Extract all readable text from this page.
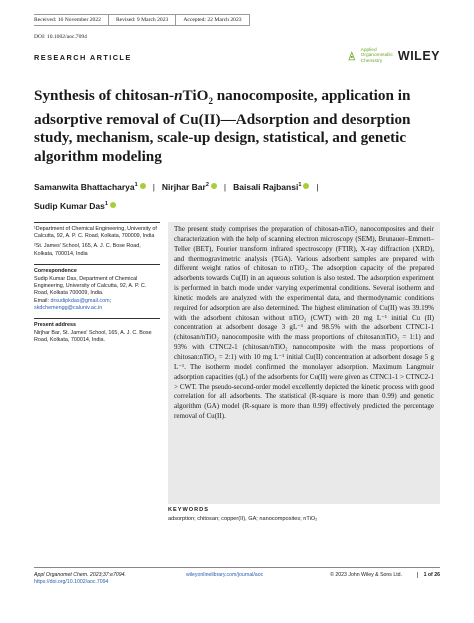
Received: 16 November 2022	Revised: 9 March 2023	Accepted: 22 March 2023
DOI: 10.1002/aoc.7094
Applied
Organometallic
Chemistry	WILEY
RESEARCH ARTICLE
Synthesis of chitosan-nTiO$_2$ nanocomposite, application in adsorptive removal of Cu(II)—Adsorption and desorption study, mechanism, scale-up design, statistical, and genetic algorithm modeling
Samanwita Bhattacharya$^1$ | Nirjhar Bar$^2$ | Baisali Rajbansi$^1$ |
Sudip Kumar Das$^1$
¹Department of Chemical Engineering, University of Calcutta, 92, A. P. C. Road, Kolkata, 700009, India
²St. James' School, 165, A. J. C. Bose Road, Kolkata, 700014, India
Correspondence
Sudip Kumar Das, Department of Chemical Engineering, University of Calcutta, 92, A. P. C. Road, Kolkata 700009, India.
Email: drsudipkdas@gmail.com;
skdchemengg@caluniv.ac.in
Present address
Nirjhar Bar, St. James' School, 165, A. J. C. Bose Road, Kolkata, 700014, India.
The present study comprises the preparation of chitosan-nTiO₂ nanocomposites and their characterization with the help of scanning electron microscopy (SEM), Brunauer–Emmett–Teller (BET), Fourier transform infrared spectroscopy (FTIR), X-ray diffraction (XRD), and thermogravimetric analysis (TGA). Various adsorbent samples are prepared with different weight ratios of chitosan to nTiO₂. The adsorption capacity of the prepared adsorbents towards Cu(II) in an aqueous solution is also tested. The adsorption experiment is performed in batch mode under varying experimental conditions. Several isotherm and kinetic models are analyzed with the experimental data, and thermodynamic conditions required for adsorption are also determined. The highest elimination of Cu(II) was 39.19% with the adsorbent chitosan without nTiO₂ (CWT) with 20 mg L⁻¹ initial Cu (II) concentration at adsorbent dosage 3 gL⁻¹ and 98.5% with the adsorbent CTNC1-1 (chitosan/nTiO₂ nanocomposite with the mass proportions of chitosan:nTiO₂ = 1:1) and 93% with CTNC2-1 (chitosan/nTiO₂ nanocomposite with the mass proportions of chitosan:nTiO₂ = 2:1) with 10 mg L⁻¹ initial Cu(II) concentration at adsorbent dosage 5 g L⁻¹. The isotherm model confirmed the monolayer adsorption. Maximum Langmuir adsorption capacities (qL) of the adsorbents for Cu(II) were given as CTNC1-1 > CTNC2-1 > CWT. The pseudo-second-order model excellently depicted the kinetic process with good correlation for all adsorbents. The statistical (R-square is more than 0.99) and genetic algorithm (GA) model (R-square is more than 0.99) effectively predicted the percentage removal of Cu(II).
KEYWORDS
adsorption; chitosan; copper(II), GA; nanocomposites; nTiO₂
Appl Organomet Chem. 2023;37:e7094.
https://doi.org/10.1002/aoc.7094
wileyonlinelibrary.com/journal/aoc	© 2023 John Wiley & Sons Ltd.	1 of 26
